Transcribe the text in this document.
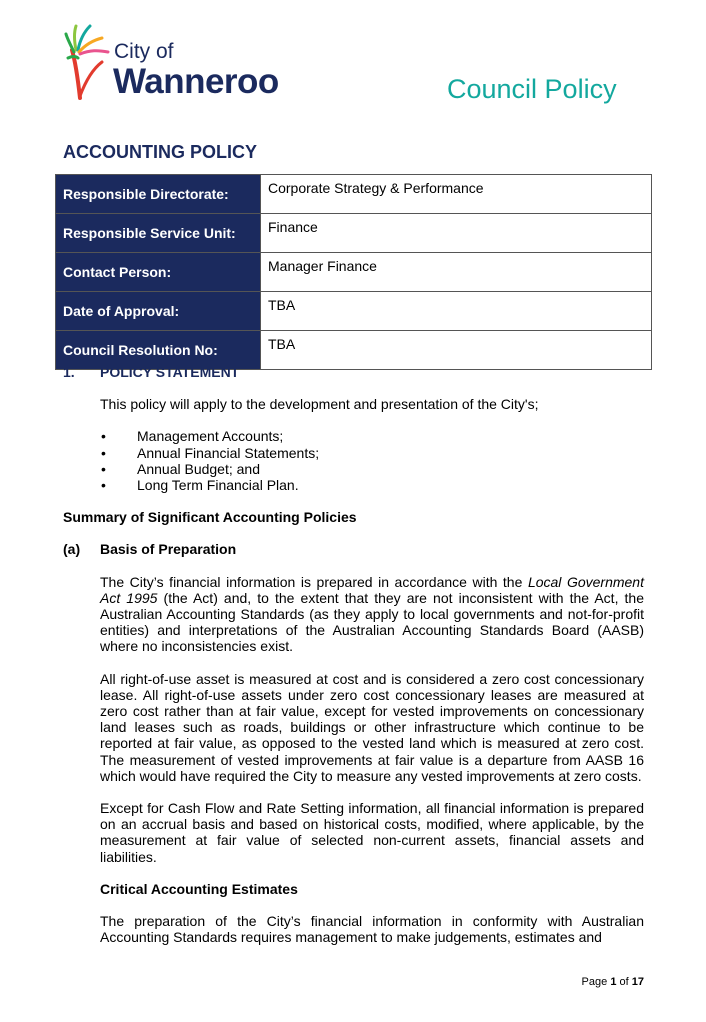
City of
Wanneroo	Council Policy
ACCOUNTING POLICY
Responsible Directorate:	Corporate Strategy & Performance
Responsible Service Unit:	Finance
Contact Person:	Manager Finance
Date of Approval:	TBA
Council Resolution No:	TBA
1.	POLICY STATEMENT

This policy will apply to the development and presentation of the City's;

•	Management Accounts;
•	Annual Financial Statements;
•	Annual Budget; and
•	Long Term Financial Plan.

Summary of Significant Accounting Policies

(a)	Basis of Preparation

The City’s financial information is prepared in accordance with the Local Government Act 1995 (the Act) and, to the extent that they are not inconsistent with the Act, the Australian Accounting Standards (as they apply to local governments and not-for-profit entities) and interpretations of the Australian Accounting Standards Board (AASB) where no inconsistencies exist.

All right-of-use asset is measured at cost and is considered a zero cost concessionary lease. All right-of-use assets under zero cost concessionary leases are measured at zero cost rather than at fair value, except for vested improvements on concessionary land leases such as roads, buildings or other infrastructure which continue to be reported at fair value, as opposed to the vested land which is measured at zero cost. The measurement of vested improvements at fair value is a departure from AASB 16 which would have required the City to measure any vested improvements at zero costs.

Except for Cash Flow and Rate Setting information, all financial information is prepared on an accrual basis and based on historical costs, modified, where applicable, by the measurement at fair value of selected non-current assets, financial assets and liabilities.

Critical Accounting Estimates

The preparation of the City’s financial information in conformity with Australian Accounting Standards requires management to make judgements, estimates and

Page 1 of 17
